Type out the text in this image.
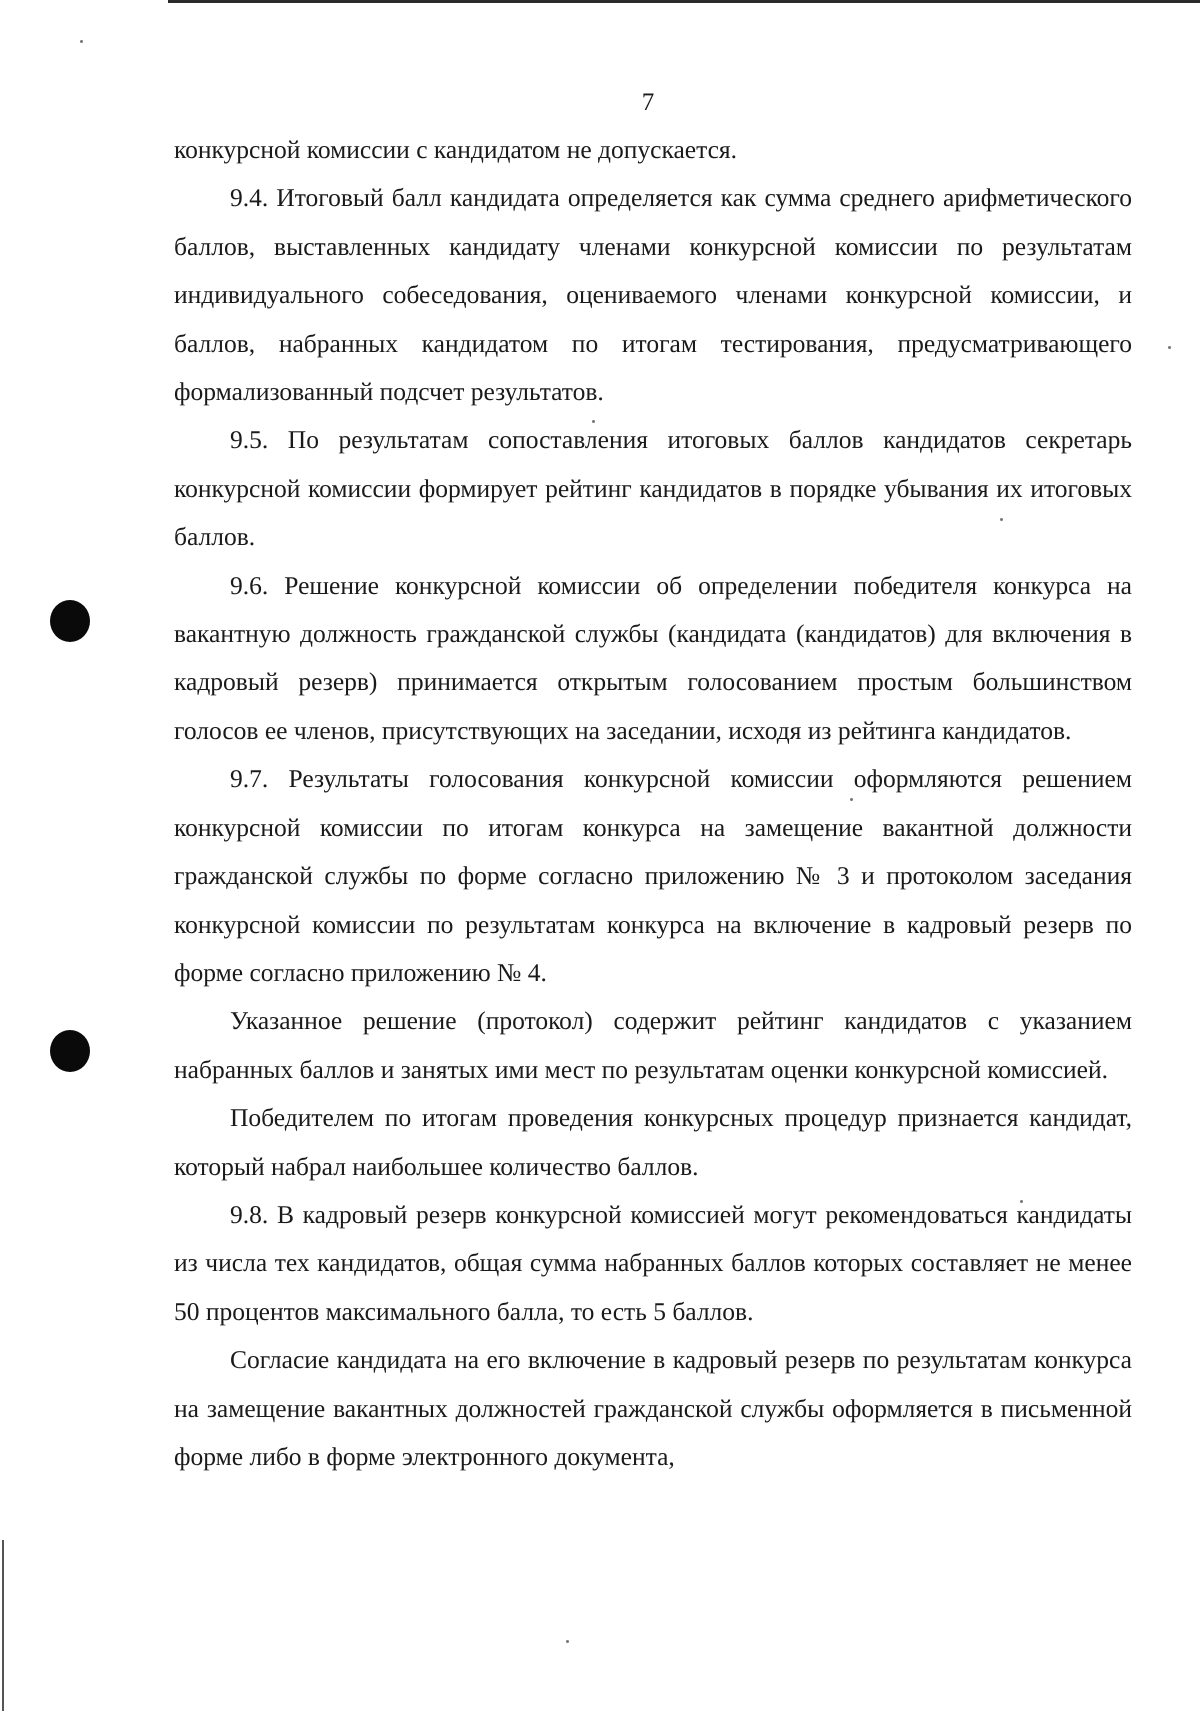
7

конкурсной комиссии с кандидатом не допускается.

9.4. Итоговый балл кандидата определяется как сумма среднего арифметического баллов, выставленных кандидату членами конкурсной комиссии по результатам индивидуального собеседования, оцениваемого членами конкурсной комиссии, и баллов, набранных кандидатом по итогам тестирования, предусматривающего формализованный подсчет результатов.

9.5. По результатам сопоставления итоговых баллов кандидатов секретарь конкурсной комиссии формирует рейтинг кандидатов в порядке убывания их итоговых баллов.

9.6. Решение конкурсной комиссии об определении победителя конкурса на вакантную должность гражданской службы (кандидата (кандидатов) для включения в кадровый резерв) принимается открытым голосованием простым большинством голосов ее членов, присутствующих на заседании, исходя из рейтинга кандидатов.

9.7. Результаты голосования конкурсной комиссии оформляются решением конкурсной комиссии по итогам конкурса на замещение вакантной должности гражданской службы по форме согласно приложению № 3 и протоколом заседания конкурсной комиссии по результатам конкурса на включение в кадровый резерв по форме согласно приложению № 4.

Указанное решение (протокол) содержит рейтинг кандидатов с указанием набранных баллов и занятых ими мест по результатам оценки конкурсной комиссией.

Победителем по итогам проведения конкурсных процедур признается кандидат, который набрал наибольшее количество баллов.

9.8. В кадровый резерв конкурсной комиссией могут рекомендоваться кандидаты из числа тех кандидатов, общая сумма набранных баллов которых составляет не менее 50 процентов максимального балла, то есть 5 баллов.

Согласие кандидата на его включение в кадровый резерв по результатам конкурса на замещение вакантных должностей гражданской службы оформляется в письменной форме либо в форме электронного документа,
